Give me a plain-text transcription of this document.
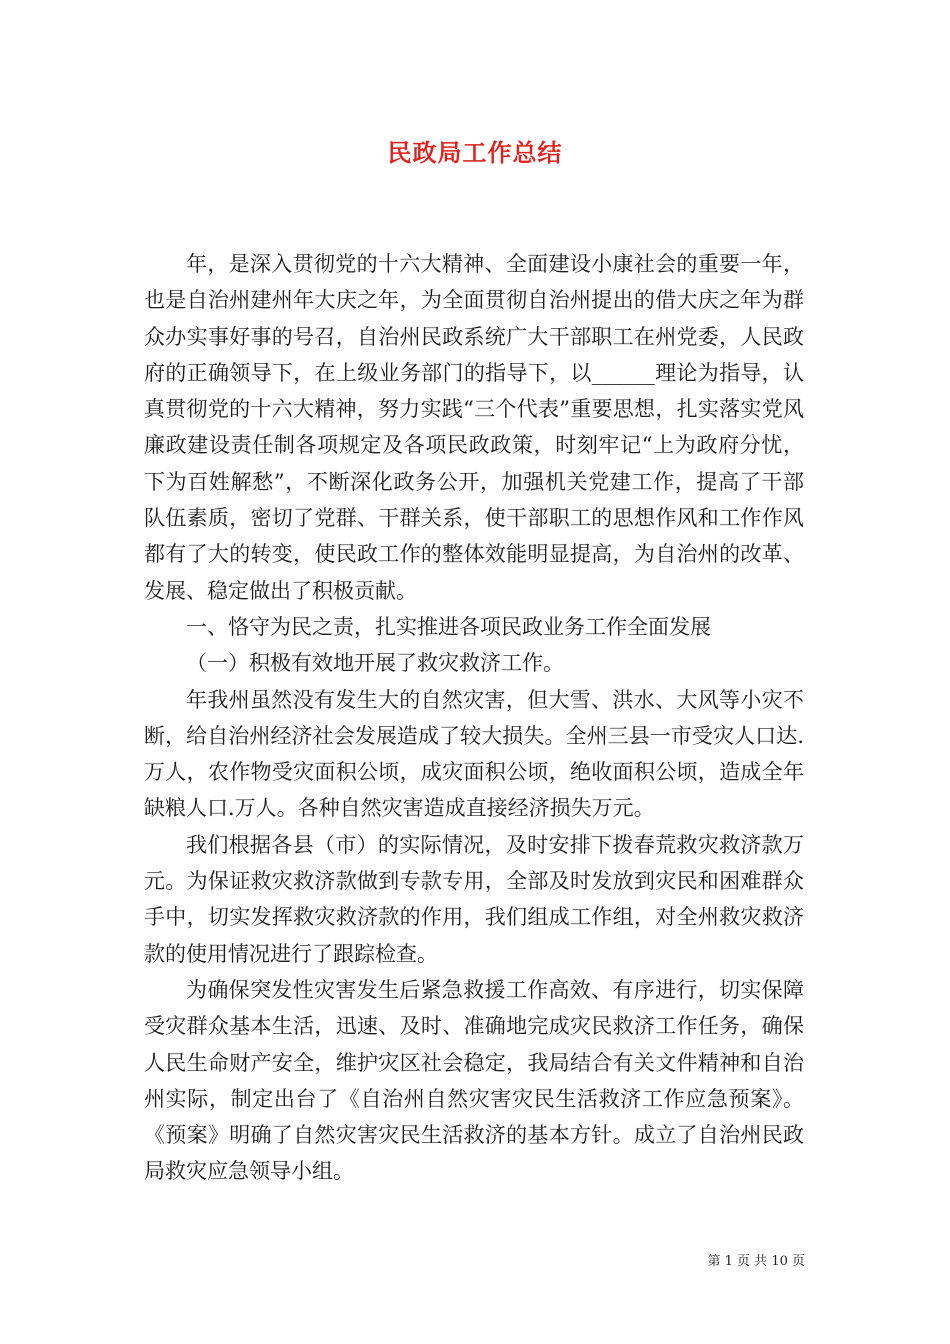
民政局工作总结

年，是深入贯彻党的十六大精神、全面建设小康社会的重要一年，也是自治州建州年大庆之年，为全面贯彻自治州提出的借大庆之年为群众办实事好事的号召，自治州民政系统广大干部职工在州党委，人民政府的正确领导下，在上级业务部门的指导下，以______理论为指导，认真贯彻党的十六大精神，努力实践“三个代表”重要思想，扎实落实党风廉政建设责任制各项规定及各项民政政策，时刻牢记“上为政府分忧，下为百姓解愁”，不断深化政务公开，加强机关党建工作，提高了干部队伍素质，密切了党群、干群关系，使干部职工的思想作风和工作作风都有了大的转变，使民政工作的整体效能明显提高，为自治州的改革、发展、稳定做出了积极贡献。

一、恪守为民之责，扎实推进各项民政业务工作全面发展

（一）积极有效地开展了救灾救济工作。

年我州虽然没有发生大的自然灾害，但大雪、洪水、大风等小灾不断，给自治州经济社会发展造成了较大损失。全州三县一市受灾人口达.万人，农作物受灾面积公顷，成灾面积公顷，绝收面积公顷，造成全年缺粮人口.万人。各种自然灾害造成直接经济损失万元。

我们根据各县（市）的实际情况，及时安排下拨春荒救灾救济款万元。为保证救灾救济款做到专款专用，全部及时发放到灾民和困难群众手中，切实发挥救灾救济款的作用，我们组成工作组，对全州救灾救济款的使用情况进行了跟踪检查。

为确保突发性灾害发生后紧急救援工作高效、有序进行，切实保障受灾群众基本生活，迅速、及时、准确地完成灾民救济工作任务，确保人民生命财产安全，维护灾区社会稳定，我局结合有关文件精神和自治州实际，制定出台了《自治州自然灾害灾民生活救济工作应急预案》。《预案》明确了自然灾害灾民生活救济的基本方针。成立了自治州民政局救灾应急领导小组。

第 1 页 共 10 页
